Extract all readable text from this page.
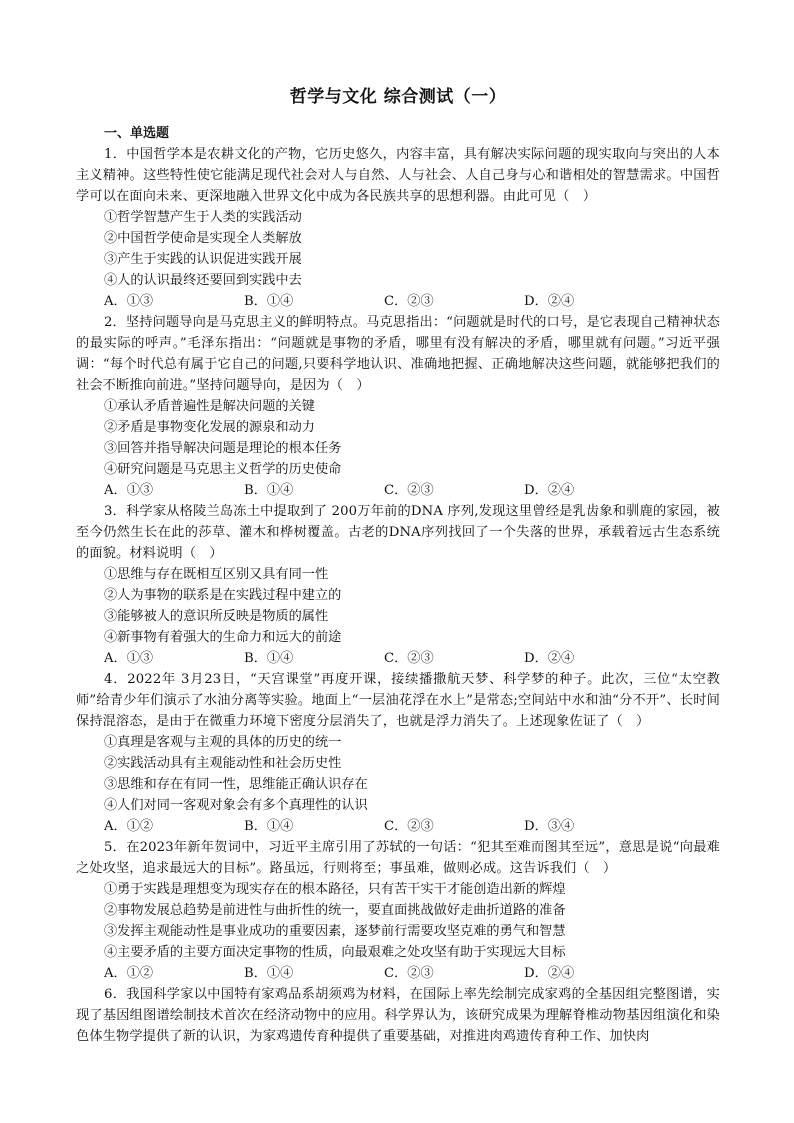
哲学与文化 综合测试（一）
一、单选题

1．中国哲学本是农耕文化的产物，它历史悠久，内容丰富，具有解决实际问题的现实取向与突出的人本主义精神。这些特性使它能满足现代社会对人与自然、人与社会、人自己身与心和谐相处的智慧需求。中国哲学可以在面向未来、更深地融入世界文化中成为各民族共享的思想利器。由此可见（　）

①哲学智慧产生于人类的实践活动
②中国哲学使命是实现全人类解放
③产生于实践的认识促进实践开展
④人的认识最终还要回到实践中去
A．①③	B．①④	C．②③	D．②④

2．坚持问题导向是马克思主义的鲜明特点。马克思指出：“问题就是时代的口号，是它表现自己精神状态的最实际的呼声。”毛泽东指出：“问题就是事物的矛盾，哪里有没有解决的矛盾，哪里就有问题。”习近平强调：“每个时代总有属于它自己的问题,只要科学地认识、准确地把握、正确地解决这些问题，就能够把我们的社会不断推向前进。”坚持问题导向，是因为（　）

①承认矛盾普遍性是解决问题的关键
②矛盾是事物变化发展的源泉和动力
③回答并指导解决问题是理论的根本任务
④研究问题是马克思主义哲学的历史使命
A．①③	B．①④	C．②③	D．②④

3．科学家从格陵兰岛冻土中提取到了 200万年前的DNA 序列,发现这里曾经是乳齿象和驯鹿的家园，被至今仍然生长在此的莎草、灌木和桦树覆盖。古老的DNA序列找回了一个失落的世界，承载着远古生态系统的面貌。材料说明（　）

①思维与存在既相互区别又具有同一性
②人为事物的联系是在实践过程中建立的
③能够被人的意识所反映是物质的属性
④新事物有着强大的生命力和远大的前途
A．①③	B．①④	C．②③	D．②④

4．2022年 3月23日，“天宫课堂”再度开课，接续播撒航天梦、科学梦的种子。此次，三位“太空教师”给青少年们演示了水油分离等实验。地面上“一层油花浮在水上”是常态;空间站中水和油“分不开”、长时间保持混溶态，是由于在微重力环境下密度分层消失了，也就是浮力消失了。上述现象佐证了（　）

①真理是客观与主观的具体的历史的统一
②实践活动具有主观能动性和社会历史性
③思维和存在有同一性，思维能正确认识存在
④人们对同一客观对象会有多个真理性的认识
A．①②	B．①④	C．②③	D．③④

5．在2023年新年贺词中，习近平主席引用了苏轼的一句话：“犯其至难而图其至远”，意思是说“向最难之处攻坚，追求最远大的目标”。路虽远，行则将至；事虽难，做则必成。这告诉我们（　）

①勇于实践是理想变为现实存在的根本路径，只有苦干实干才能创造出新的辉煌
②事物发展总趋势是前进性与曲折性的统一，要直面挑战做好走曲折道路的准备
③发挥主观能动性是事业成功的重要因素，逐梦前行需要攻坚克难的勇气和智慧
④主要矛盾的主要方面决定事物的性质，向最艰难之处攻坚有助于实现远大目标
A．①②	B．①④	C．②③	D．②④

6．我国科学家以中国特有家鸡品系胡须鸡为材料，在国际上率先绘制完成家鸡的全基因组完整图谱，实现了基因组图谱绘制技术首次在经济动物中的应用。科学界认为，该研究成果为理解脊椎动物基因组演化和染色体生物学提供了新的认识，为家鸡遗传育种提供了重要基础，对推进肉鸡遗传育种工作、加快肉
